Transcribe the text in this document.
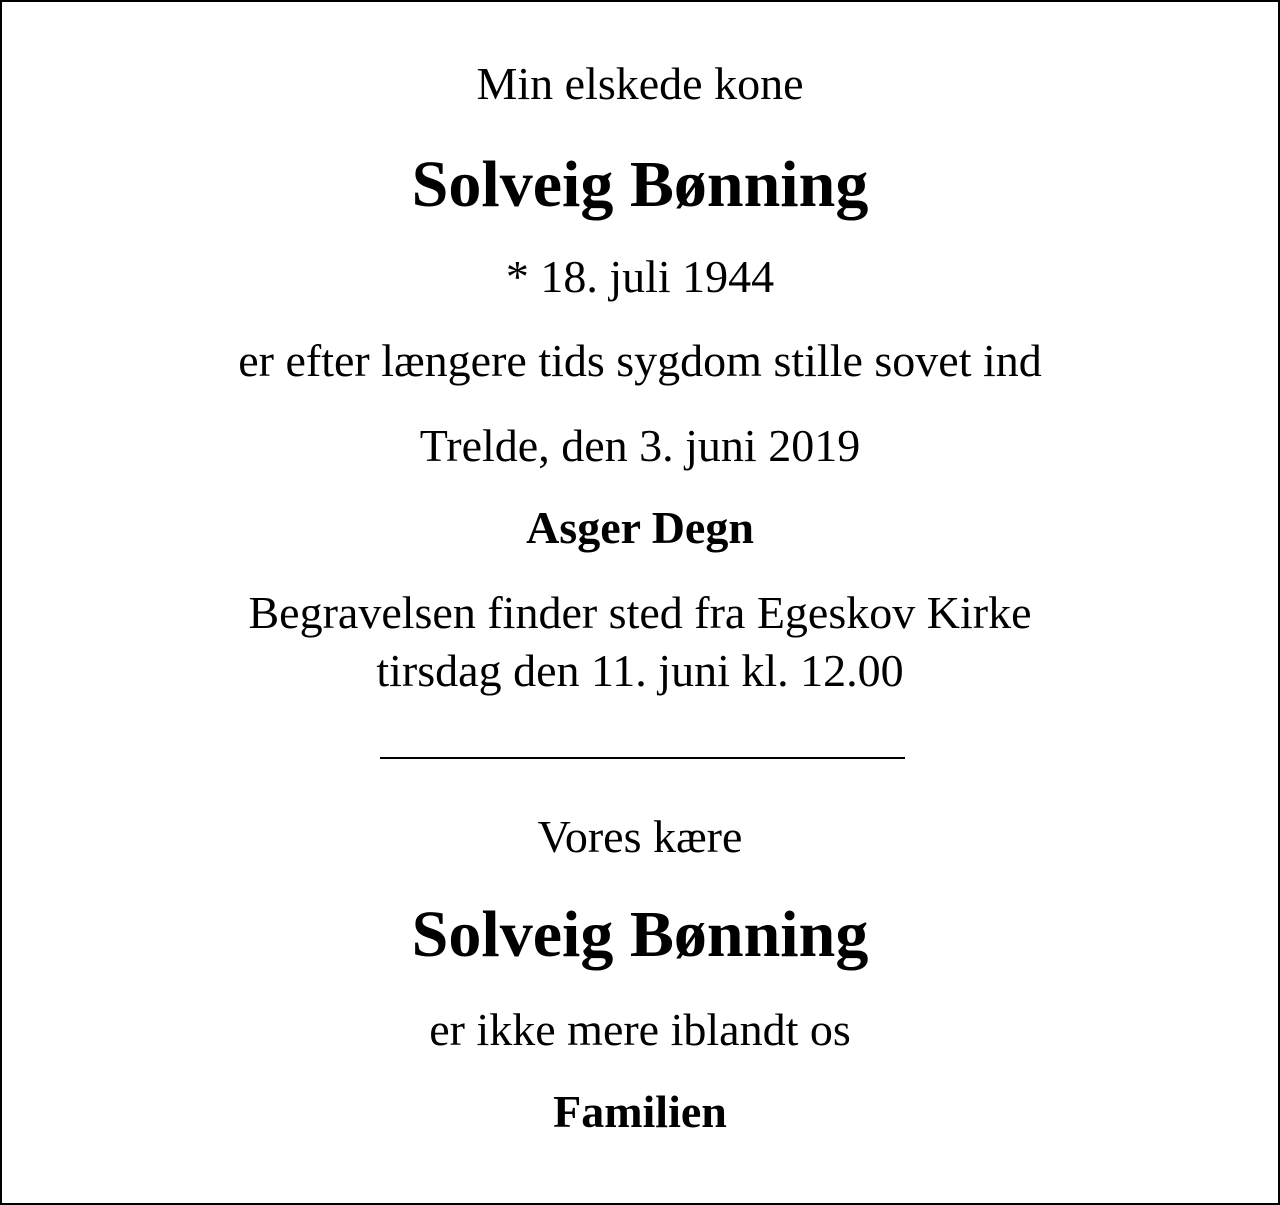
Min elskede kone

Solveig Bønning

* 18. juli 1944

er efter længere tids sygdom stille sovet ind

Trelde, den 3. juni 2019

Asger Degn

Begravelsen finder sted fra Egeskov Kirke

tirsdag den 11. juni kl. 12.00

Vores kære

Solveig Bønning

er ikke mere iblandt os

Familien
